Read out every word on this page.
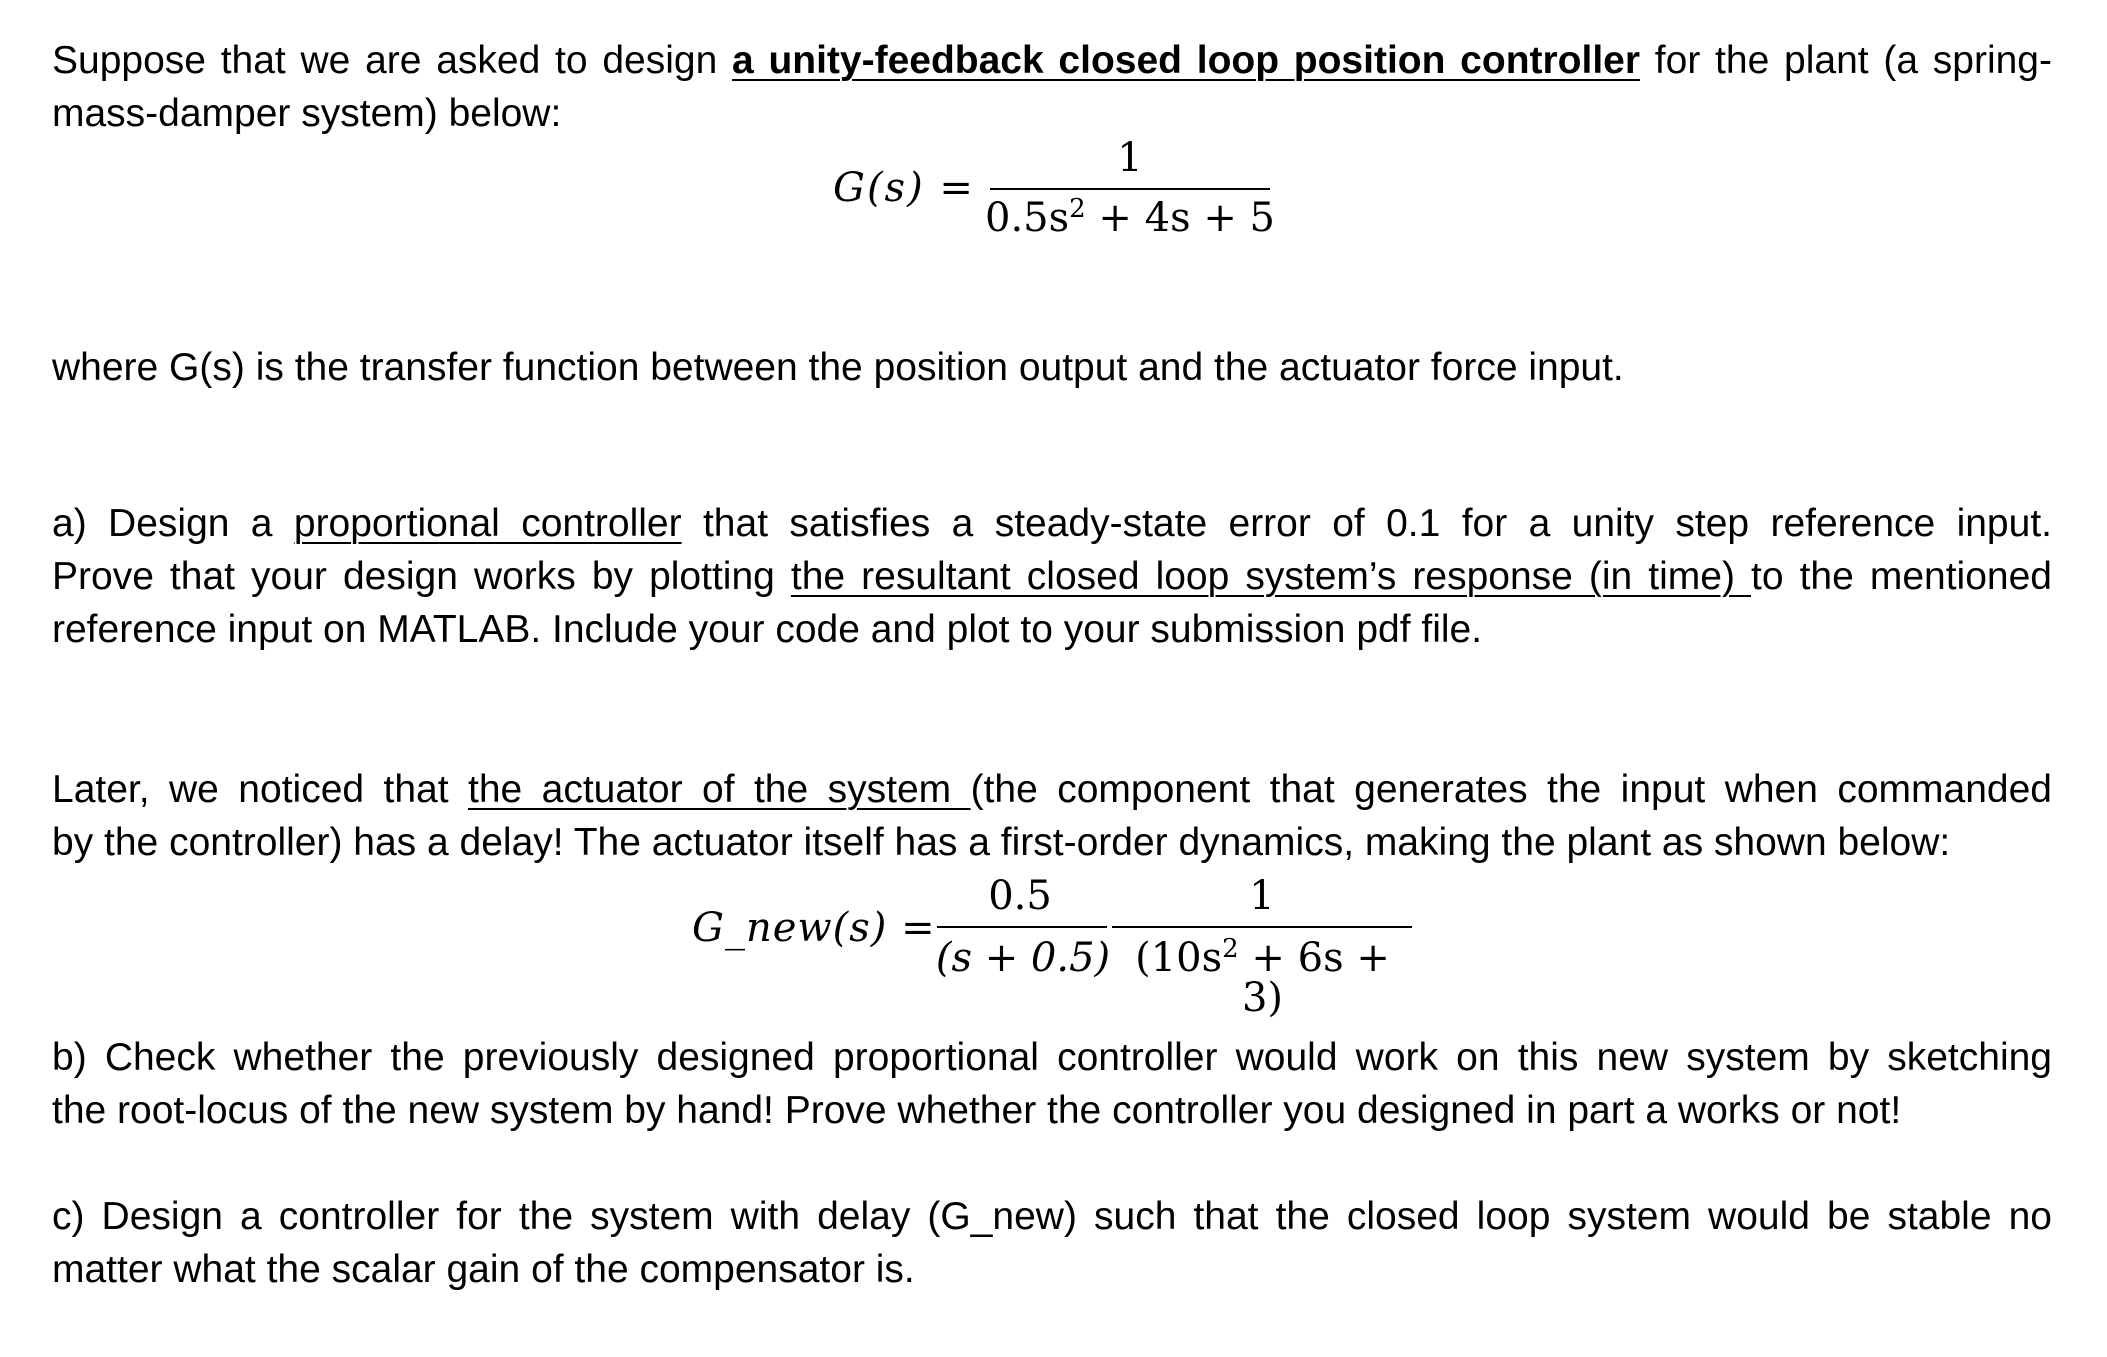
Suppose that we are asked to design a unity-feedback closed loop position controller for the plant (a spring-
mass-damper system) below:
G(s) =
1
$0.5s^2 + 4s + 5$
where G(s) is the transfer function between the position output and the actuator force input.
a) Design a proportional controller that satisfies a steady-state error of 0.1 for a unity step reference input.
Prove that your design works by plotting the resultant closed loop system’s response (in time) to the mentioned
reference input on MATLAB. Include your code and plot to your submission pdf file.
Later, we noticed that the actuator of the system (the component that generates the input when commanded
by the controller) has a delay! The actuator itself has a first-order dynamics, making the plant as shown below:
G_new(s) =
0.5	1
(s + 0.5) $(10s^2 + 6s + 3)$
b) Check whether the previously designed proportional controller would work on this new system by sketching
the root-locus of the new system by hand! Prove whether the controller you designed in part a works or not!
c) Design a controller for the system with delay (G_new) such that the closed loop system would be stable no
matter what the scalar gain of the compensator is.
